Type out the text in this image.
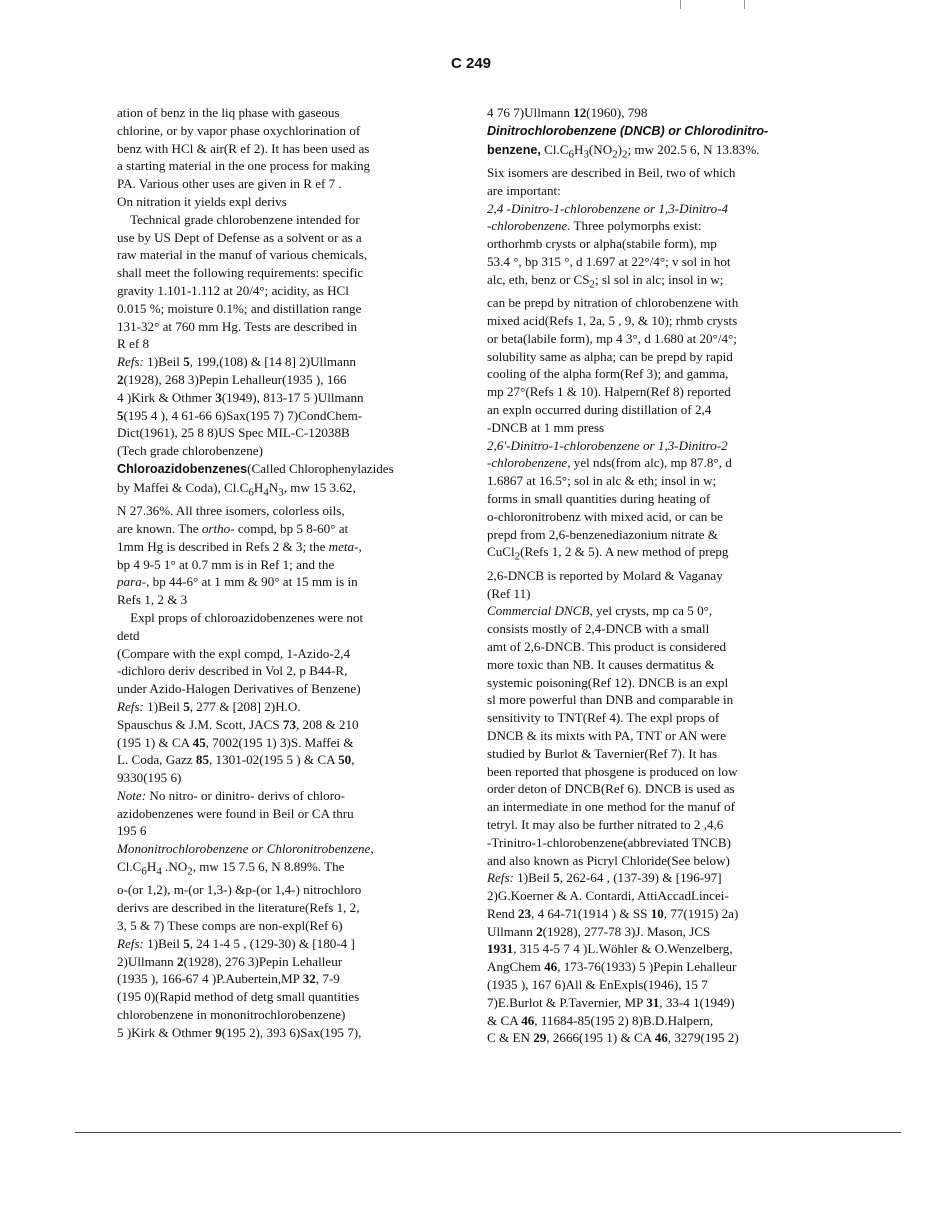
C 249
ation of benz in the liq phase with gaseous
chlorine, or by vapor phase oxychlorination of
benz with HCl & air(R ef 2). It has been used as
a starting material in the one process for making
PA. Various other uses are given in R ef 7 .
On nitration it yields expl derivs
 Technical grade chlorobenzene intended for
use by US Dept of Defense as a solvent or as a
raw material in the manuf of various chemicals,
shall meet the following requirements: specific
gravity 1.101-1.112 at 20/4°; acidity, as HCl
0.015 %; moisture 0.1%; and distillation range
131-32° at 760 mm Hg. Tests are described in
R ef 8
Refs: 1)Beil 5, 199,(108) & [14 8] 2)Ullmann
2(1928), 268 3)Pepin Lehalleur(1935 ), 166
4 )Kirk & Othmer 3(1949), 813-17 5 )Ullmann
5(195 4 ), 4 61-66 6)Sax(195 7) 7)CondChem-
Dict(1961), 25 8 8)US Spec MIL-C-12038B
(Tech grade chlorobenzene)
Chloroazidobenzenes(Called Chlorophenylazides
by Maffei & Coda), $Cl.C_6H_4N_3$, mw 15 3.62,
N 27.36%. All three isomers, colorless oils,
are known. The ortho- compd, bp 5 8-60° at
1mm Hg is described in Refs 2 & 3; the meta-,
bp 4 9-5 1° at 0.7 mm is in Ref 1; and the
para-, bp 44-6° at 1 mm & 90° at 15 mm is in
Refs 1, 2 & 3
 Expl props of chloroazidobenzenes were not
detd
(Compare with the expl compd, 1-Azido-2,4
-dichloro deriv described in Vol 2, p B44-R,
under Azido-Halogen Derivatives of Benzene)
Refs: 1)Beil 5, 277 & [208] 2)H.O.
Spauschus & J.M. Scott, JACS 73, 208 & 210
(195 1) & CA 45, 7002(195 1) 3)S. Maffei &
L. Coda, Gazz 85, 1301-02(195 5 ) & CA 50,
9330(195 6)
Note: No nitro- or dinitro- derivs of chloro-
azidobenzenes were found in Beil or CA thru
195 6
Mononitrochlorobenzene or Chloronitrobenzene,
$Cl.C_6H_4$ $.NO_2$, mw 15 7.5 6, N 8.89%. The
o-(or 1,2), m-(or 1,3-) &p-(or 1,4-) nitrochloro
derivs are described in the literature(Refs 1, 2,
3, 5 & 7) These comps are non-expl(Ref 6)
Refs: 1)Beil 5, 24 1-4 5 , (129-30) & [180-4 ]
2)Ullmann 2(1928), 276 3)Pepin Lehalleur
(1935 ), 166-67 4 )P.Aubertein,MP 32, 7-9
(195 0)(Rapid method of detg small quantities
chlorobenzene in mononitrochlorobenzene)
5 )Kirk & Othmer 9(195 2), 393 6)Sax(195 7),
4 76 7)Ullmann 12(1960), 798
Dinitrochlorobenzene (DNCB) or Chlorodinitro-
benzene, $Cl.C_6H_3(NO_2)_2$; mw 202.5 6, N 13.83%.
Six isomers are described in Beil, two of which
are important:
2,4 -Dinitro-1-chlorobenzene or 1,3-Dinitro-4
-chlorobenzene. Three polymorphs exist:
orthorhmb crysts or alpha(stabile form), mp
53.4 °, bp 315 °, d 1.697 at 22°/4°; v sol in hot
alc, eth, benz or $CS_2$; sl sol in alc; insol in w;
can be prepd by nitration of chlorobenzene with
mixed acid(Refs 1, 2a, 5 , 9, & 10); rhmb crysts
or beta(labile form), mp 4 3°, d 1.680 at 20°/4°;
solubility same as alpha; can be prepd by rapid
cooling of the alpha form(Ref 3); and gamma,
mp 27°(Refs 1 & 10). Halpern(Ref 8) reported
an expln occurred during distillation of 2,4
-DNCB at 1 mm press
2,6'-Dinitro-1-chlorobenzene or 1,3-Dinitro-2
-chlorobenzene, yel nds(from alc), mp 87.8°, d
1.6867 at 16.5°; sol in alc & eth; insol in w;
forms in small quantities during heating of
o-chloronitrobenz with mixed acid, or can be
prepd from 2,6-benzenediazonium nitrate &
CuCl$_2$(Refs 1, 2 & 5). A new method of prepg
2,6-DNCB is reported by Molard & Vaganay
(Ref 11)
Commercial DNCB, yel crysts, mp ca 5 0°,
consists mostly of 2,4-DNCB with a small
amt of 2,6-DNCB. This product is considered
more toxic than NB. It causes dermatitus &
systemic poisoning(Ref 12). DNCB is an expl
sl more powerful than DNB and comparable in
sensitivity to TNT(Ref 4). The expl props of
DNCB & its mixts with PA, TNT or AN were
studied by Burlot & Tavernier(Ref 7). It has
been reported that phosgene is produced on low
order deton of DNCB(Ref 6). DNCB is used as
an intermediate in one method for the manuf of
tetryl. It may also be further nitrated to 2 ,4,6
-Trinitro-1-chlorobenzene(abbreviated TNCB)
and also known as Picryl Chloride(See below)
Refs: 1)Beil 5, 262-64 , (137-39) & [196-97]
2)G.Koerner & A. Contardi, AttiAccadLincei-
Rend 23, 4 64-71(1914 ) & SS 10, 77(1915) 2a)
Ullmann 2(1928), 277-78 3)J. Mason, JCS
1931, 315 4-5 7 4 )L.Wöhler & O.Wenzelberg,
AngChem 46, 173-76(1933) 5 )Pepin Lehalleur
(1935 ), 167 6)All & EnExpls(1946), 15 7
7)E.Burlot & P.Tavernier, MP 31, 33-4 1(1949)
& CA 46, 11684-85(195 2) 8)B.D.Halpern,
C & EN 29, 2666(195 1) & CA 46, 3279(195 2)
